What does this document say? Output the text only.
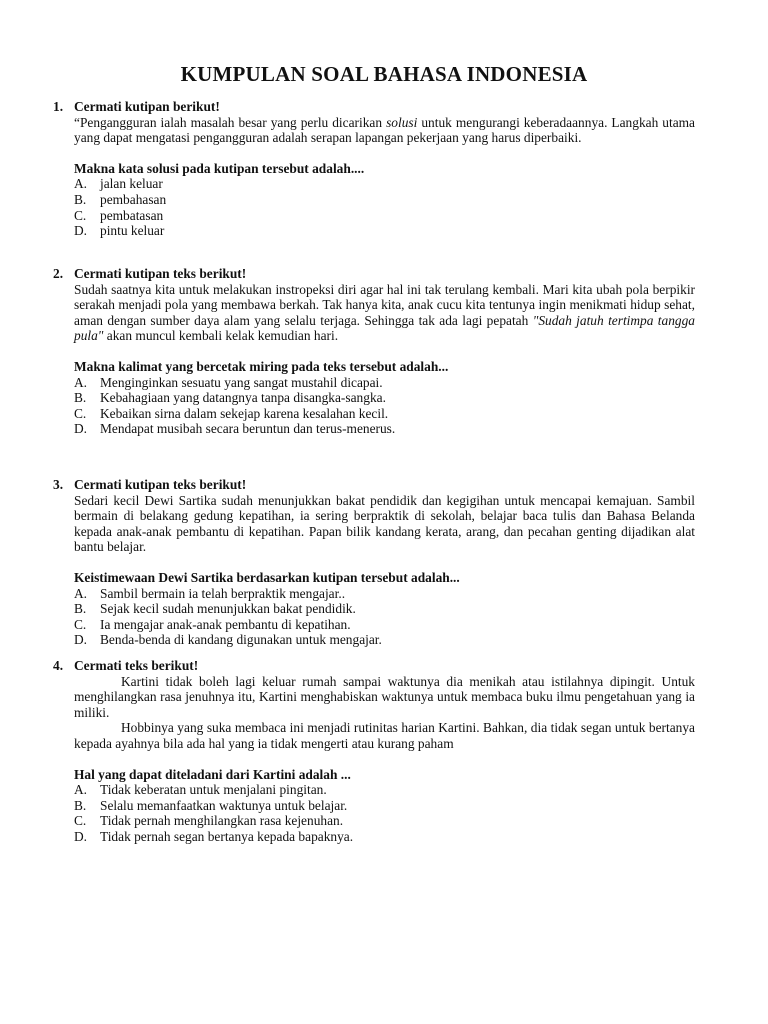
KUMPULAN SOAL BAHASA INDONESIA
1. Cermati kutipan berikut!

“Pengangguran ialah masalah besar yang perlu dicarikan solusi untuk mengurangi keberadaannya. Langkah utama yang dapat mengatasi pengangguran adalah serapan lapangan pekerjaan yang harus diperbaiki.

Makna kata solusi pada kutipan tersebut adalah....
A. jalan keluar
B. pembahasan
C. pembatasan
D. pintu keluar
2. Cermati kutipan teks berikut!

Sudah saatnya kita untuk melakukan instropeksi diri agar hal ini tak terulang kembali. Mari kita ubah pola berpikir serakah menjadi pola yang membawa berkah. Tak hanya kita, anak cucu kita tentunya ingin menikmati hidup sehat, aman dengan sumber daya alam yang selalu terjaga. Sehingga tak ada lagi pepatah "Sudah jatuh tertimpa tangga pula" akan muncul kembali kelak kemudian hari.

Makna kalimat yang bercetak miring pada teks tersebut adalah...
A. Menginginkan sesuatu yang sangat mustahil dicapai.
B. Kebahagiaan yang datangnya tanpa disangka-sangka.
C. Kebaikan sirna dalam sekejap karena kesalahan kecil.
D. Mendapat musibah secara beruntun dan terus-menerus.
3. Cermati kutipan teks berikut!

Sedari kecil Dewi Sartika sudah menunjukkan bakat pendidik dan kegigihan untuk mencapai kemajuan. Sambil bermain di belakang gedung kepatihan, ia sering berpraktik di sekolah, belajar baca tulis dan Bahasa Belanda kepada anak-anak pembantu di kepatihan. Papan bilik kandang kerata, arang, dan pecahan genting dijadikan alat bantu belajar.

Keistimewaan Dewi Sartika berdasarkan kutipan tersebut adalah...
A. Sambil bermain ia telah berpraktik mengajar..
B. Sejak kecil sudah menunjukkan bakat pendidik.
C. Ia mengajar anak-anak pembantu di kepatihan.
D. Benda-benda di kandang digunakan untuk mengajar.
4. Cermati teks berikut!

Kartini tidak boleh lagi keluar rumah sampai waktunya dia menikah atau istilahnya dipingit. Untuk menghilangkan rasa jenuhnya itu, Kartini menghabiskan waktunya untuk membaca buku ilmu pengetahuan yang ia miliki.

Hobbinya yang suka membaca ini menjadi rutinitas harian Kartini. Bahkan, dia tidak segan untuk bertanya kepada ayahnya bila ada hal yang ia tidak mengerti atau kurang paham

Hal yang dapat diteladani dari Kartini adalah ...
A. Tidak keberatan untuk menjalani pingitan.
B. Selalu memanfaatkan waktunya untuk belajar.
C. Tidak pernah menghilangkan rasa kejenuhan.
D. Tidak pernah segan bertanya kepada bapaknya.
